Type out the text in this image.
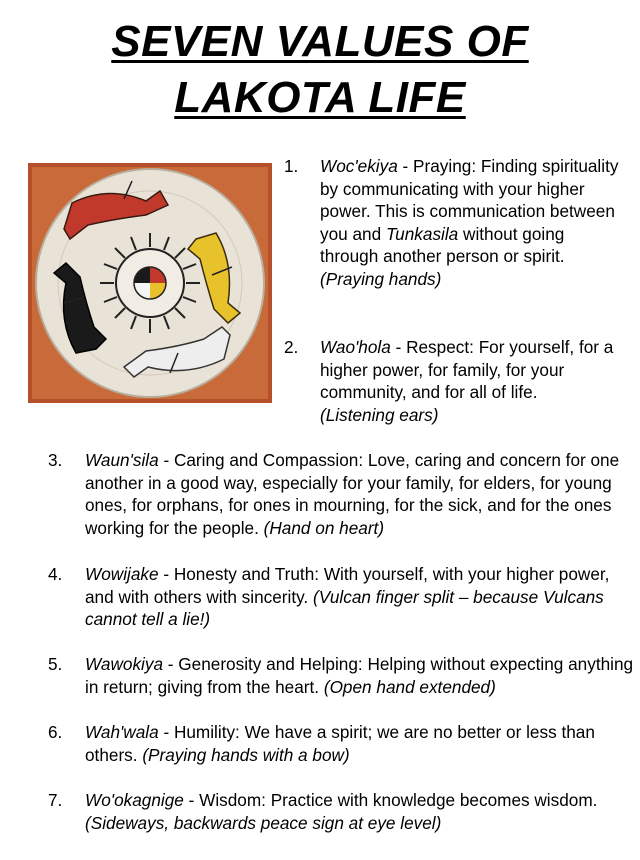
SEVEN VALUES OF
LAKOTA LIFE
1. Woc'ekiya - Praying: Finding spirituality by communicating with your higher power. This is communication between you and Tunkasila without going through another person or spirit.
(Praying hands)
2. Wao'hola - Respect: For yourself, for a higher power, for family, for your community, and for all of life.
(Listening ears)
3. Waun'sila - Caring and Compassion: Love, caring and concern for one another in a good way, especially for your family, for elders, for young ones, for orphans, for ones in mourning, for the sick, and for the ones working for the people. (Hand on heart)
4. Wowijake - Honesty and Truth: With yourself, with your higher power, and with others with sincerity. (Vulcan finger split – because Vulcans cannot tell a lie!)
5. Wawokiya - Generosity and Helping: Helping without expecting anything in return; giving from the heart. (Open hand extended)
6. Wah'wala - Humility: We have a spirit; we are no better or less than others. (Praying hands with a bow)
7. Wo'okagnige - Wisdom: Practice with knowledge becomes wisdom. (Sideways, backwards peace sign at eye level)
